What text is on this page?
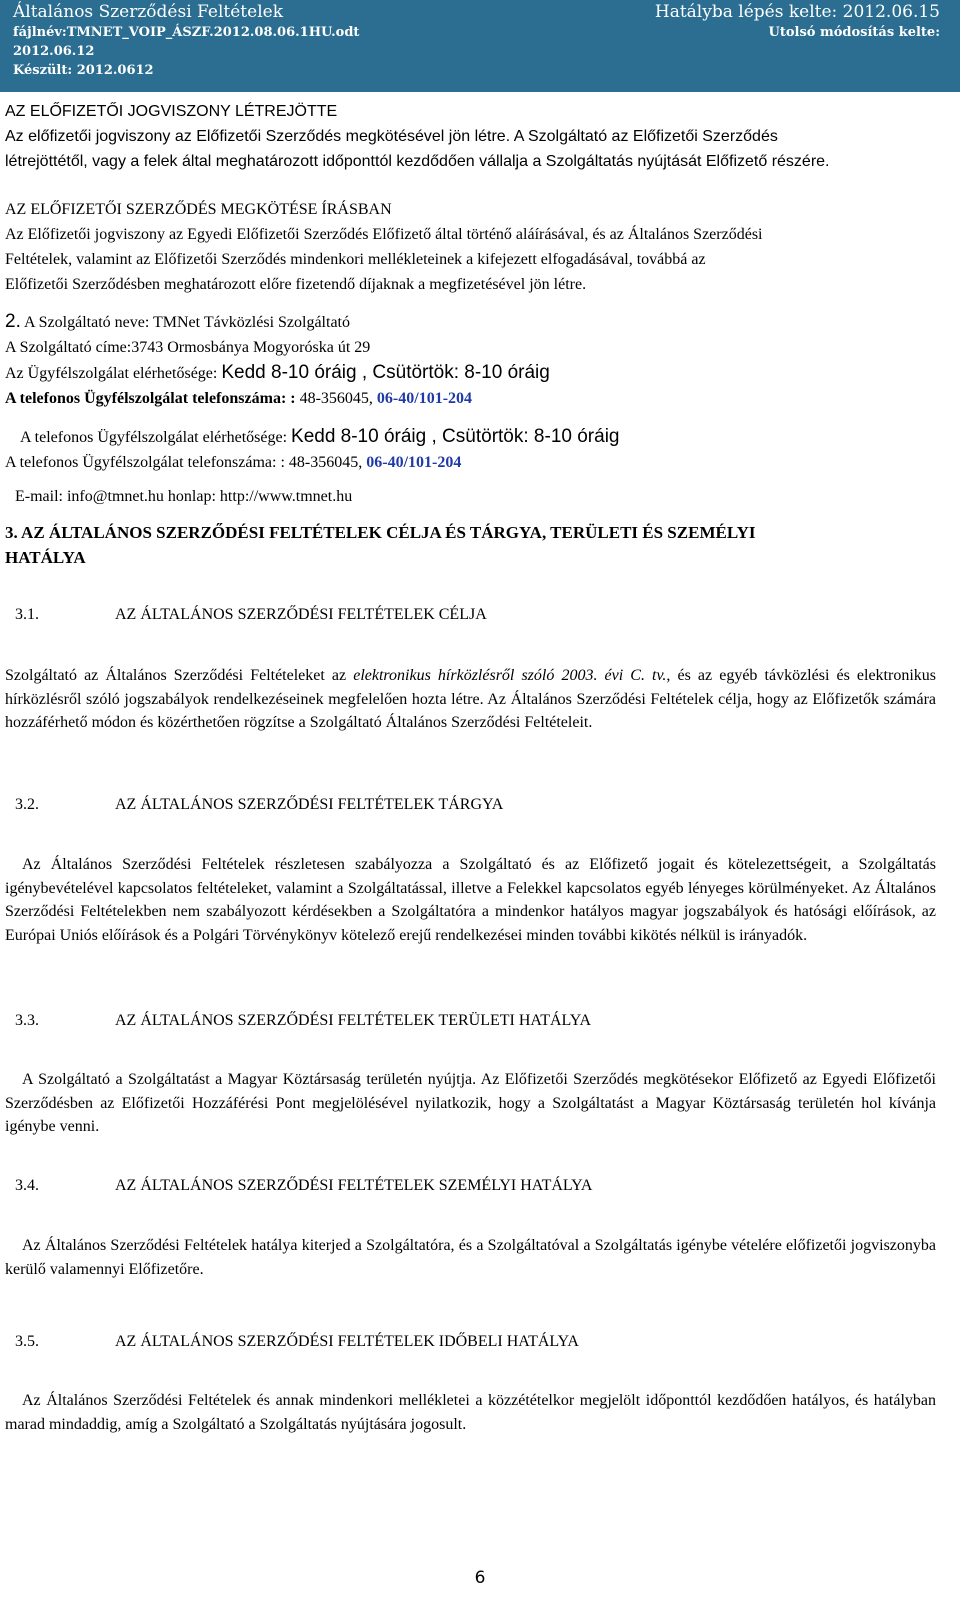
Általános Szerződési Feltételek
fájlnév:TMNET_VOIP_ÁSZF.2012.08.06.1HU.odt
2012.06.12
Készült: 2012.0612
Hatályba lépés kelte: 2012.06.15
Utolsó módosítás kelte:
AZ ELŐFIZETŐI JOGVISZONY LÉTREJÖTTE
Az előfizetői jogviszony az Előfizetői Szerződés megkötésével jön létre. A Szolgáltató az Előfizetői Szerződés
létrejöttétől, vagy a felek által meghatározott időponttól kezdődően vállalja a Szolgáltatás nyújtását Előfizető részére.
AZ ELŐFIZETŐI SZERZŐDÉS MEGKÖTÉSE ÍRÁSBAN
Az Előfizetői jogviszony az Egyedi Előfizetői Szerződés Előfizető által történő aláírásával, és az Általános Szerződési
Feltételek, valamint az Előfizetői Szerződés mindenkori mellékleteinek a kifejezett elfogadásával, továbbá az
Előfizetői Szerződésben meghatározott előre fizetendő díjaknak a megfizetésével jön létre.
2. A Szolgáltató neve: TMNet Távközlési Szolgáltató
A Szolgáltató címe:3743 Ormosbánya Mogyoróska út 29
Az Ügyfélszolgálat elérhetősége: Kedd 8-10 óráig , Csütörtök: 8-10 óráig
A telefonos Ügyfélszolgálat telefonszáma: : 48-356045, 06-40/101-204
A telefonos Ügyfélszolgálat elérhetősége: Kedd 8-10 óráig , Csütörtök: 8-10 óráig
A telefonos Ügyfélszolgálat telefonszáma: : 48-356045, 06-40/101-204
E-mail: info@tmnet.hu honlap: http://www.tmnet.hu
3. AZ ÁLTALÁNOS SZERZŐDÉSI FELTÉTELEK CÉLJA ÉS TÁRGYA, TERÜLETI ÉS SZEMÉLYI
HATÁLYA
3.1.	AZ ÁLTALÁNOS SZERZŐDÉSI FELTÉTELEK CÉLJA
Szolgáltató az Általános Szerződési Feltételeket az elektronikus hírközlésről szóló 2003. évi C. tv., és az egyéb távközlési és elektronikus hírközlésről szóló jogszabályok rendelkezéseinek megfelelően hozta létre. Az Általános Szerződési Feltételek célja, hogy az Előfizetők számára hozzáférhető módon és közérthetően rögzítse a Szolgáltató Általános Szerződési Feltételeit.
3.2.	AZ ÁLTALÁNOS SZERZŐDÉSI FELTÉTELEK TÁRGYA
Az Általános Szerződési Feltételek részletesen szabályozza a Szolgáltató és az Előfizető jogait és kötelezettségeit, a Szolgáltatás igénybevételével kapcsolatos feltételeket, valamint a Szolgáltatással, illetve a Felekkel kapcsolatos egyéb lényeges körülményeket. Az Általános Szerződési Feltételekben nem szabályozott kérdésekben a Szolgáltatóra a mindenkor hatályos magyar jogszabályok és hatósági előírások, az Európai Uniós előírások és a Polgári Törvénykönyv kötelező erejű rendelkezései minden további kikötés nélkül is irányadók.
3.3.	AZ ÁLTALÁNOS SZERZŐDÉSI FELTÉTELEK TERÜLETI HATÁLYA
A Szolgáltató a Szolgáltatást a Magyar Köztársaság területén nyújtja. Az Előfizetői Szerződés megkötésekor Előfizető az Egyedi Előfizetői Szerződésben az Előfizetői Hozzáférési Pont megjelölésével nyilatkozik, hogy a Szolgáltatást a Magyar Köztársaság területén hol kívánja igénybe venni.
3.4.	AZ ÁLTALÁNOS SZERZŐDÉSI FELTÉTELEK SZEMÉLYI HATÁLYA
Az Általános Szerződési Feltételek hatálya kiterjed a Szolgáltatóra, és a Szolgáltatóval a Szolgáltatás igénybe vételére előfizetői jogviszonyba kerülő valamennyi Előfizetőre.
3.5.	AZ ÁLTALÁNOS SZERZŐDÉSI FELTÉTELEK IDŐBELI HATÁLYA
Az Általános Szerződési Feltételek és annak mindenkori mellékletei a közzétételkor megjelölt időponttól kezdődően hatályos, és hatályban marad mindaddig, amíg a Szolgáltató a Szolgáltatás nyújtására jogosult.
6
